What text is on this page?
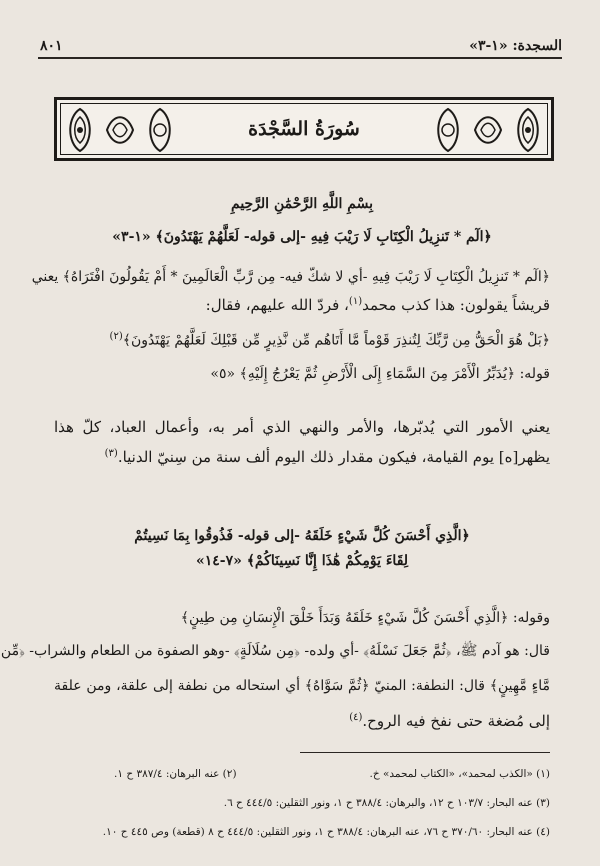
٨٠١	السجدة: «١-٣»
سُورَةُ السَّجْدَة
بِسْمِ اللَّهِ الرَّحْمَٰنِ الرَّحِيمِ
﴿الٓم * تَنزِيلُ الْكِتَابِ لَا رَيْبَ فِيهِ -إلى قوله- لَعَلَّهُمْ يَهْتَدُونَ﴾ «١-٣»
﴿الٓم * تَنزِيلُ الْكِتَابِ لَا رَيْبَ فِيهِ -أي لا شكّ فيه- مِن رَّبِّ الْعَالَمِينَ * أَمْ يَقُولُونَ افْتَرَاهُ﴾ يعني
قريشاً يقولون: هذا كذب محمد$^{(١)}$، فردّ الله عليهم، فقال:
﴿بَلْ هُوَ الْحَقُّ مِن رَّبِّكَ لِتُنذِرَ قَوْماً مَّا أَتَاهُم مِّن نَّذِيرٍ مِّن قَبْلِكَ لَعَلَّهُمْ يَهْتَدُونَ﴾$^{(٢)}$
قوله: ﴿يُدَبِّرُ الْأَمْرَ مِنَ السَّمَاءِ إِلَى الْأَرْضِ ثُمَّ يَعْرُجُ إِلَيْهِ﴾ «٥»
يعني الأمور التي يُدبّرها، والأمر والنهي الذي أمر به، وأعمال العباد، كلّ هذا
يظهر[ه] يوم القيامة، فيكون مقدار ذلك اليوم ألف سنة من سِنيّ الدنيا.$^{(٣)}$
﴿الَّذِي أَحْسَنَ كُلَّ شَيْءٍ خَلَقَهُ -إلى قوله- فَذُوقُوا بِمَا نَسِيتُمْ
لِقَاءَ يَوْمِكُمْ هَٰذَا إِنَّا نَسِينَاكُمْ﴾ «٧-١٤»
وقوله: ﴿الَّذِي أَحْسَنَ كُلَّ شَيْءٍ خَلَقَهُ وَبَدَأَ خَلْقَ الْإِنسَانِ مِن طِينٍ﴾
قال: هو آدم ﷺ، ﴿ثُمَّ جَعَلَ نَسْلَهُ﴾ -أي ولده- ﴿مِن سُلَالَةٍ﴾ -وهو الصفوة من الطعام والشراب- ﴿مِّن
مَّاءٍ مَّهِينٍ﴾ قال: النطفة: المنيّ ﴿ثُمَّ سَوَّاهُ﴾ أي استحاله من نطفة إلى علقة، ومن علقة
إلى مُضغة حتى نفخ فيه الروح.$^{(٤)}$
(١) «الكذب لمحمد»، «الكتاب لمحمد» خ.
(٢) عنه البرهان: ٣٨٧/٤ ح ١.
(٣) عنه البحار: ١٠٣/٧ ح ١٢، والبرهان: ٣٨٨/٤ ح ١، ونور الثقلين: ٤٤٤/٥ ح ٦.
(٤) عنه البحار: ٣٧٠/٦٠ ح ٧٦، عنه البرهان: ٣٨٨/٤ ح ١، ونور الثقلين: ٤٤٤/٥ ح ٨ (قطعة) وص ٤٤٥ ح ١٠.
